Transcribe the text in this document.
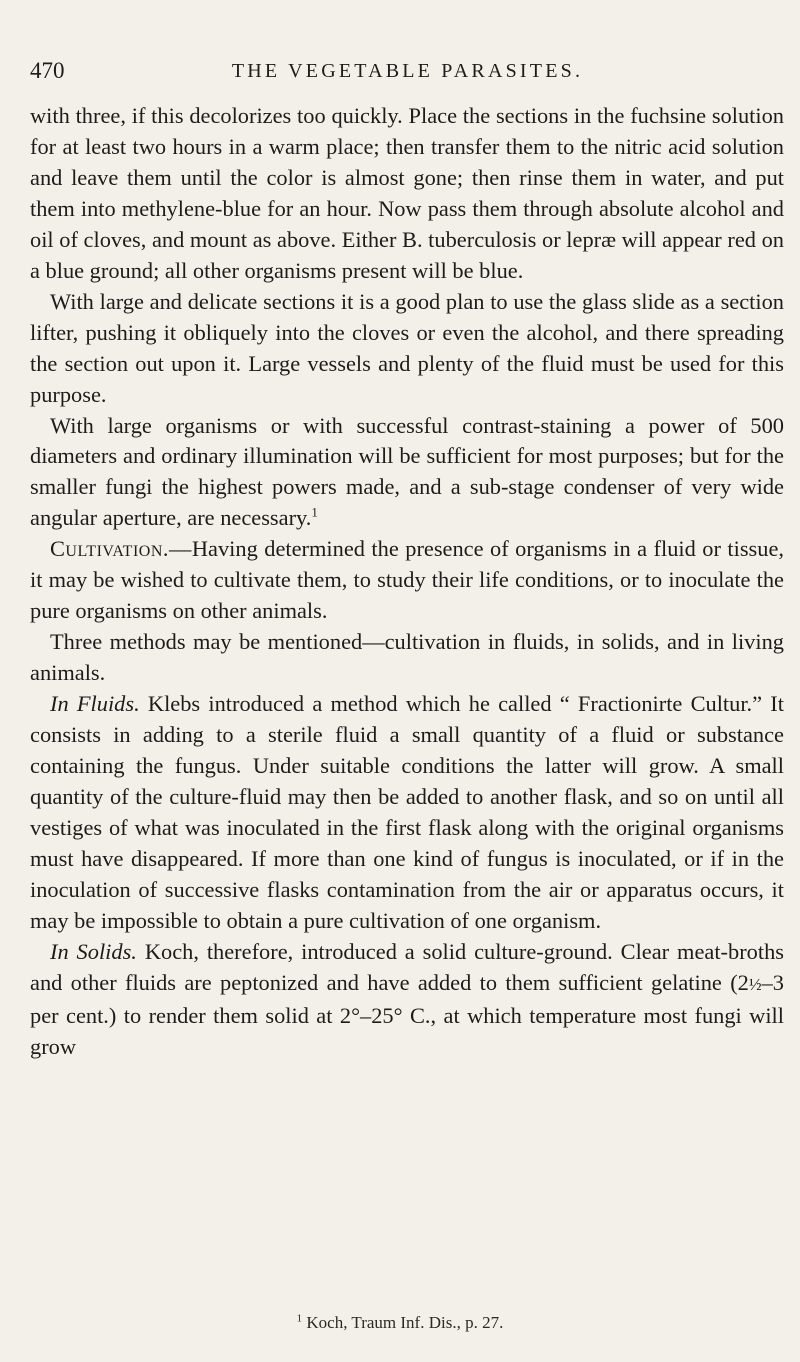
470	THE VEGETABLE PARASITES.

with three, if this decolorizes too quickly. Place the sections in the fuchsine solution for at least two hours in a warm place; then transfer them to the nitric acid solution and leave them until the color is almost gone; then rinse them in water, and put them into methylene-blue for an hour. Now pass them through absolute alcohol and oil of cloves, and mount as above. Either B. tuberculosis or lepræ will appear red on a blue ground; all other organisms present will be blue.

With large and delicate sections it is a good plan to use the glass slide as a section lifter, pushing it obliquely into the cloves or even the alcohol, and there spreading the section out upon it. Large vessels and plenty of the fluid must be used for this purpose.

With large organisms or with successful contrast-staining a power of 500 diameters and ordinary illumination will be sufficient for most purposes; but for the smaller fungi the highest powers made, and a sub-stage condenser of very wide angular aperture, are necessary.$^1$

Cultivation.—Having determined the presence of organisms in a fluid or tissue, it may be wished to cultivate them, to study their life conditions, or to inoculate the pure organisms on other animals.

Three methods may be mentioned—cultivation in fluids, in solids, and in living animals.

In Fluids. Klebs introduced a method which he called “ Fractionirte Cultur.” It consists in adding to a sterile fluid a small quantity of a fluid or substance containing the fungus. Under suitable conditions the latter will grow. A small quantity of the culture-fluid may then be added to another flask, and so on until all vestiges of what was inoculated in the first flask along with the original organisms must have disappeared. If more than one kind of fungus is inoculated, or if in the inoculation of successive flasks contamination from the air or apparatus occurs, it may be impossible to obtain a pure cultivation of one organism.

In Solids. Koch, therefore, introduced a solid culture-ground. Clear meat-broths and other fluids are peptonized and have added to them sufficient gelatine (2½–3 per cent.) to render them solid at 2°–25° C., at which temperature most fungi will grow

$^1$ Koch, Traum Inf. Dis., p. 27.
